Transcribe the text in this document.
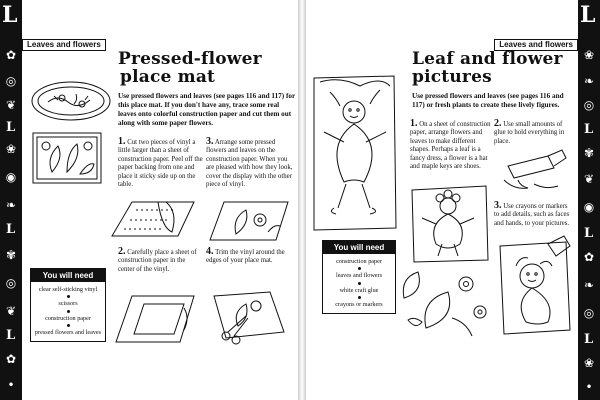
L
✿
◎
❦
L
❀
◉
❧
L
✾
◎
❦
L
✿
•
L
❀
❧
◎
L
✾
❦
◉
L
✿
❧
◎
L
❀
•
Leaves and flowers
Pressed-flower
place mat
Use pressed flowers and leaves (see pages 116 and 117) for this place mat. If you don't have any, trace some real leaves onto colorful construction paper and cut them out along with some paper flowers.
1. Cut two pieces of vinyl a little larger than a sheet of construction paper. Peel off the paper backing from one and place it sticky side up on the table.
3. Arrange some pressed flowers and leaves on the construction paper. When you are pleased with how they look, cover the display with the other piece of vinyl.
2. Carefully place a sheet of construction paper in the center of the vinyl.
4. Trim the vinyl around the edges of your place mat.
You will need
clear self-sticking vinyl
scissors
construction paper
pressed flowers and leaves
Leaves and flowers
Leaf and flower
pictures
Use pressed flowers and leaves (see pages 116 and 117) or fresh plants to create these lively figures.
1. On a sheet of construction paper, arrange flowers and leaves to make different shapes. Perhaps a leaf is a fancy dress, a flower is a hat and maple keys are shoes.
2. Use small amounts of glue to hold everything in place.
3. Use crayons or markers to add details, such as faces and hands, to your pictures.
You will need
construction paper
leaves and flowers
white craft glue
crayons or markers
